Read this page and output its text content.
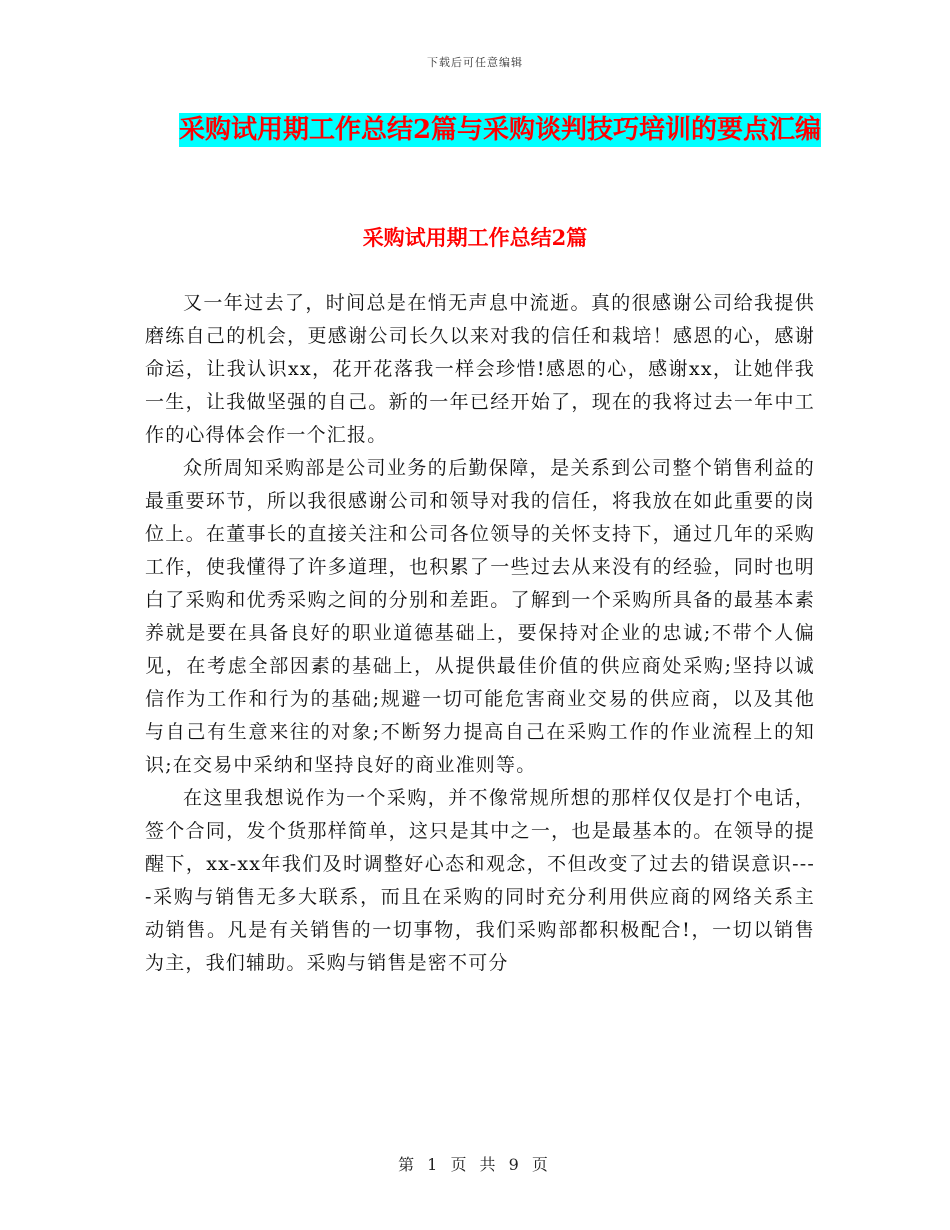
下载后可任意编辑
采购试用期工作总结2篇与采购谈判技巧培训的要点汇编
采购试用期工作总结2篇

又一年过去了，时间总是在悄无声息中流逝。真的很感谢公司给我提供磨练自己的机会，更感谢公司长久以来对我的信任和栽培！感恩的心，感谢命运，让我认识xx，花开花落我一样会珍惜!感恩的心，感谢xx，让她伴我一生，让我做坚强的自己。新的一年已经开始了，现在的我将过去一年中工作的心得体会作一个汇报。

众所周知采购部是公司业务的后勤保障，是关系到公司整个销售利益的最重要环节，所以我很感谢公司和领导对我的信任，将我放在如此重要的岗位上。在董事长的直接关注和公司各位领导的关怀支持下，通过几年的采购工作，使我懂得了许多道理，也积累了一些过去从来没有的经验，同时也明白了采购和优秀采购之间的分别和差距。了解到一个采购所具备的最基本素养就是要在具备良好的职业道德基础上，要保持对企业的忠诚;不带个人偏见，在考虑全部因素的基础上，从提供最佳价值的供应商处采购;坚持以诚信作为工作和行为的基础;规避一切可能危害商业交易的供应商，以及其他与自己有生意来往的对象;不断努力提高自己在采购工作的作业流程上的知识;在交易中采纳和坚持良好的商业准则等。

在这里我想说作为一个采购，并不像常规所想的那样仅仅是打个电话，签个合同，发个货那样简单，这只是其中之一，也是最基本的。在领导的提醒下，xx-xx年我们及时调整好心态和观念，不但改变了过去的错误意识----采购与销售无多大联系，而且在采购的同时充分利用供应商的网络关系主动销售。凡是有关销售的一切事物，我们采购部都积极配合!，一切以销售为主，我们辅助。采购与销售是密不可分

第 1 页 共 9 页
